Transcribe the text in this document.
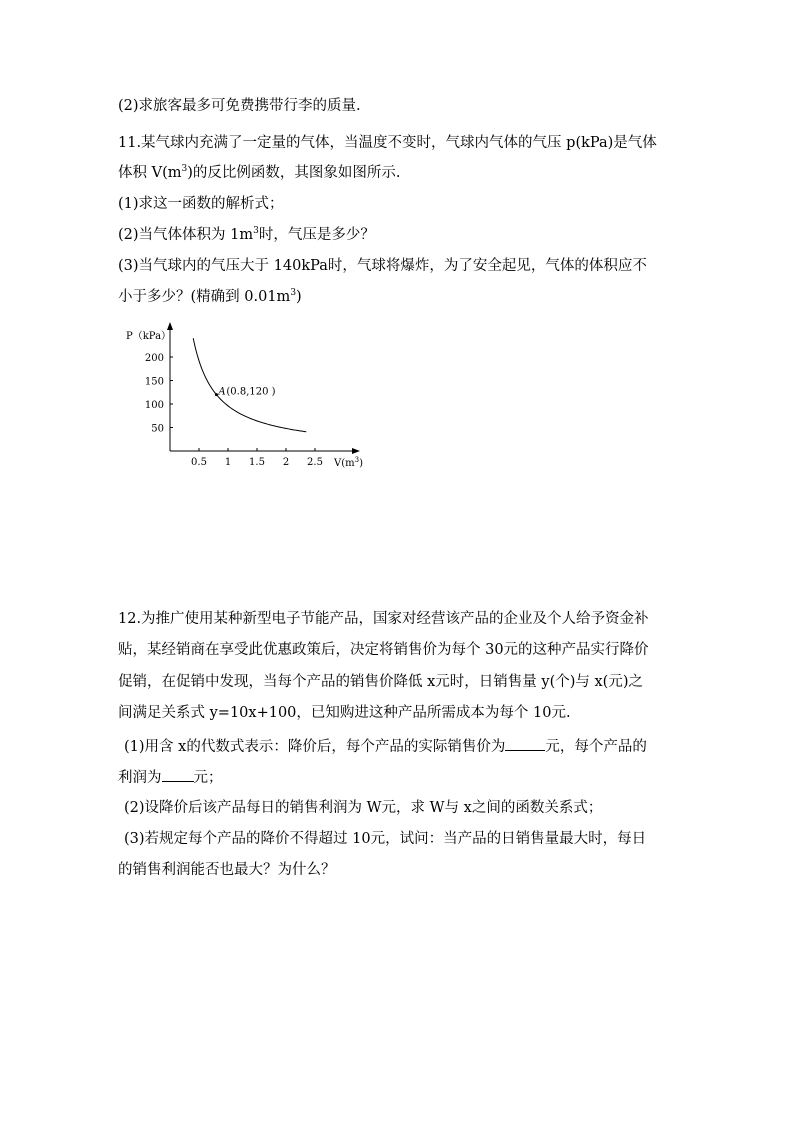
(2)求旅客最多可免费携带行李的质量.
11.某气球内充满了一定量的气体，当温度不变时，气球内气体的气压 p(kPa)是气体
体积 $V(m^3)$的反比例函数，其图象如图所示.
(1)求这一函数的解析式；
(2)当气体体积为 $1m^3$时，气压是多少？
(3)当气球内的气压大于 140kPa时，气球将爆炸，为了安全起见，气体的体积应不
小于多少？(精确到 $0.01m^3$)
P（kPa）
$V(m^3)$
0.5 1 1.5 2 2.5
200
150
100
50
A (0.8,120 )
12.为推广使用某种新型电子节能产品，国家对经营该产品的企业及个人给予资金补
贴，某经销商在享受此优惠政策后，决定将销售价为每个 30元的这种产品实行降价
促销，在促销中发现，当每个产品的销售价降低 x元时，日销售量 y(个)与 x(元)之
间满足关系式 y=10x+100，已知购进这种产品所需成本为每个 10元.
(1)用含 x的代数式表示：降价后，每个产品的实际销售价为	元，每个产品的
利润为 元；
(2)设降价后该产品每日的销售利润为 W元，求 W与 x之间的函数关系式；
(3)若规定每个产品的降价不得超过 10元，试问：当产品的日销售量最大时，每日
的销售利润能否也最大？为什么？
